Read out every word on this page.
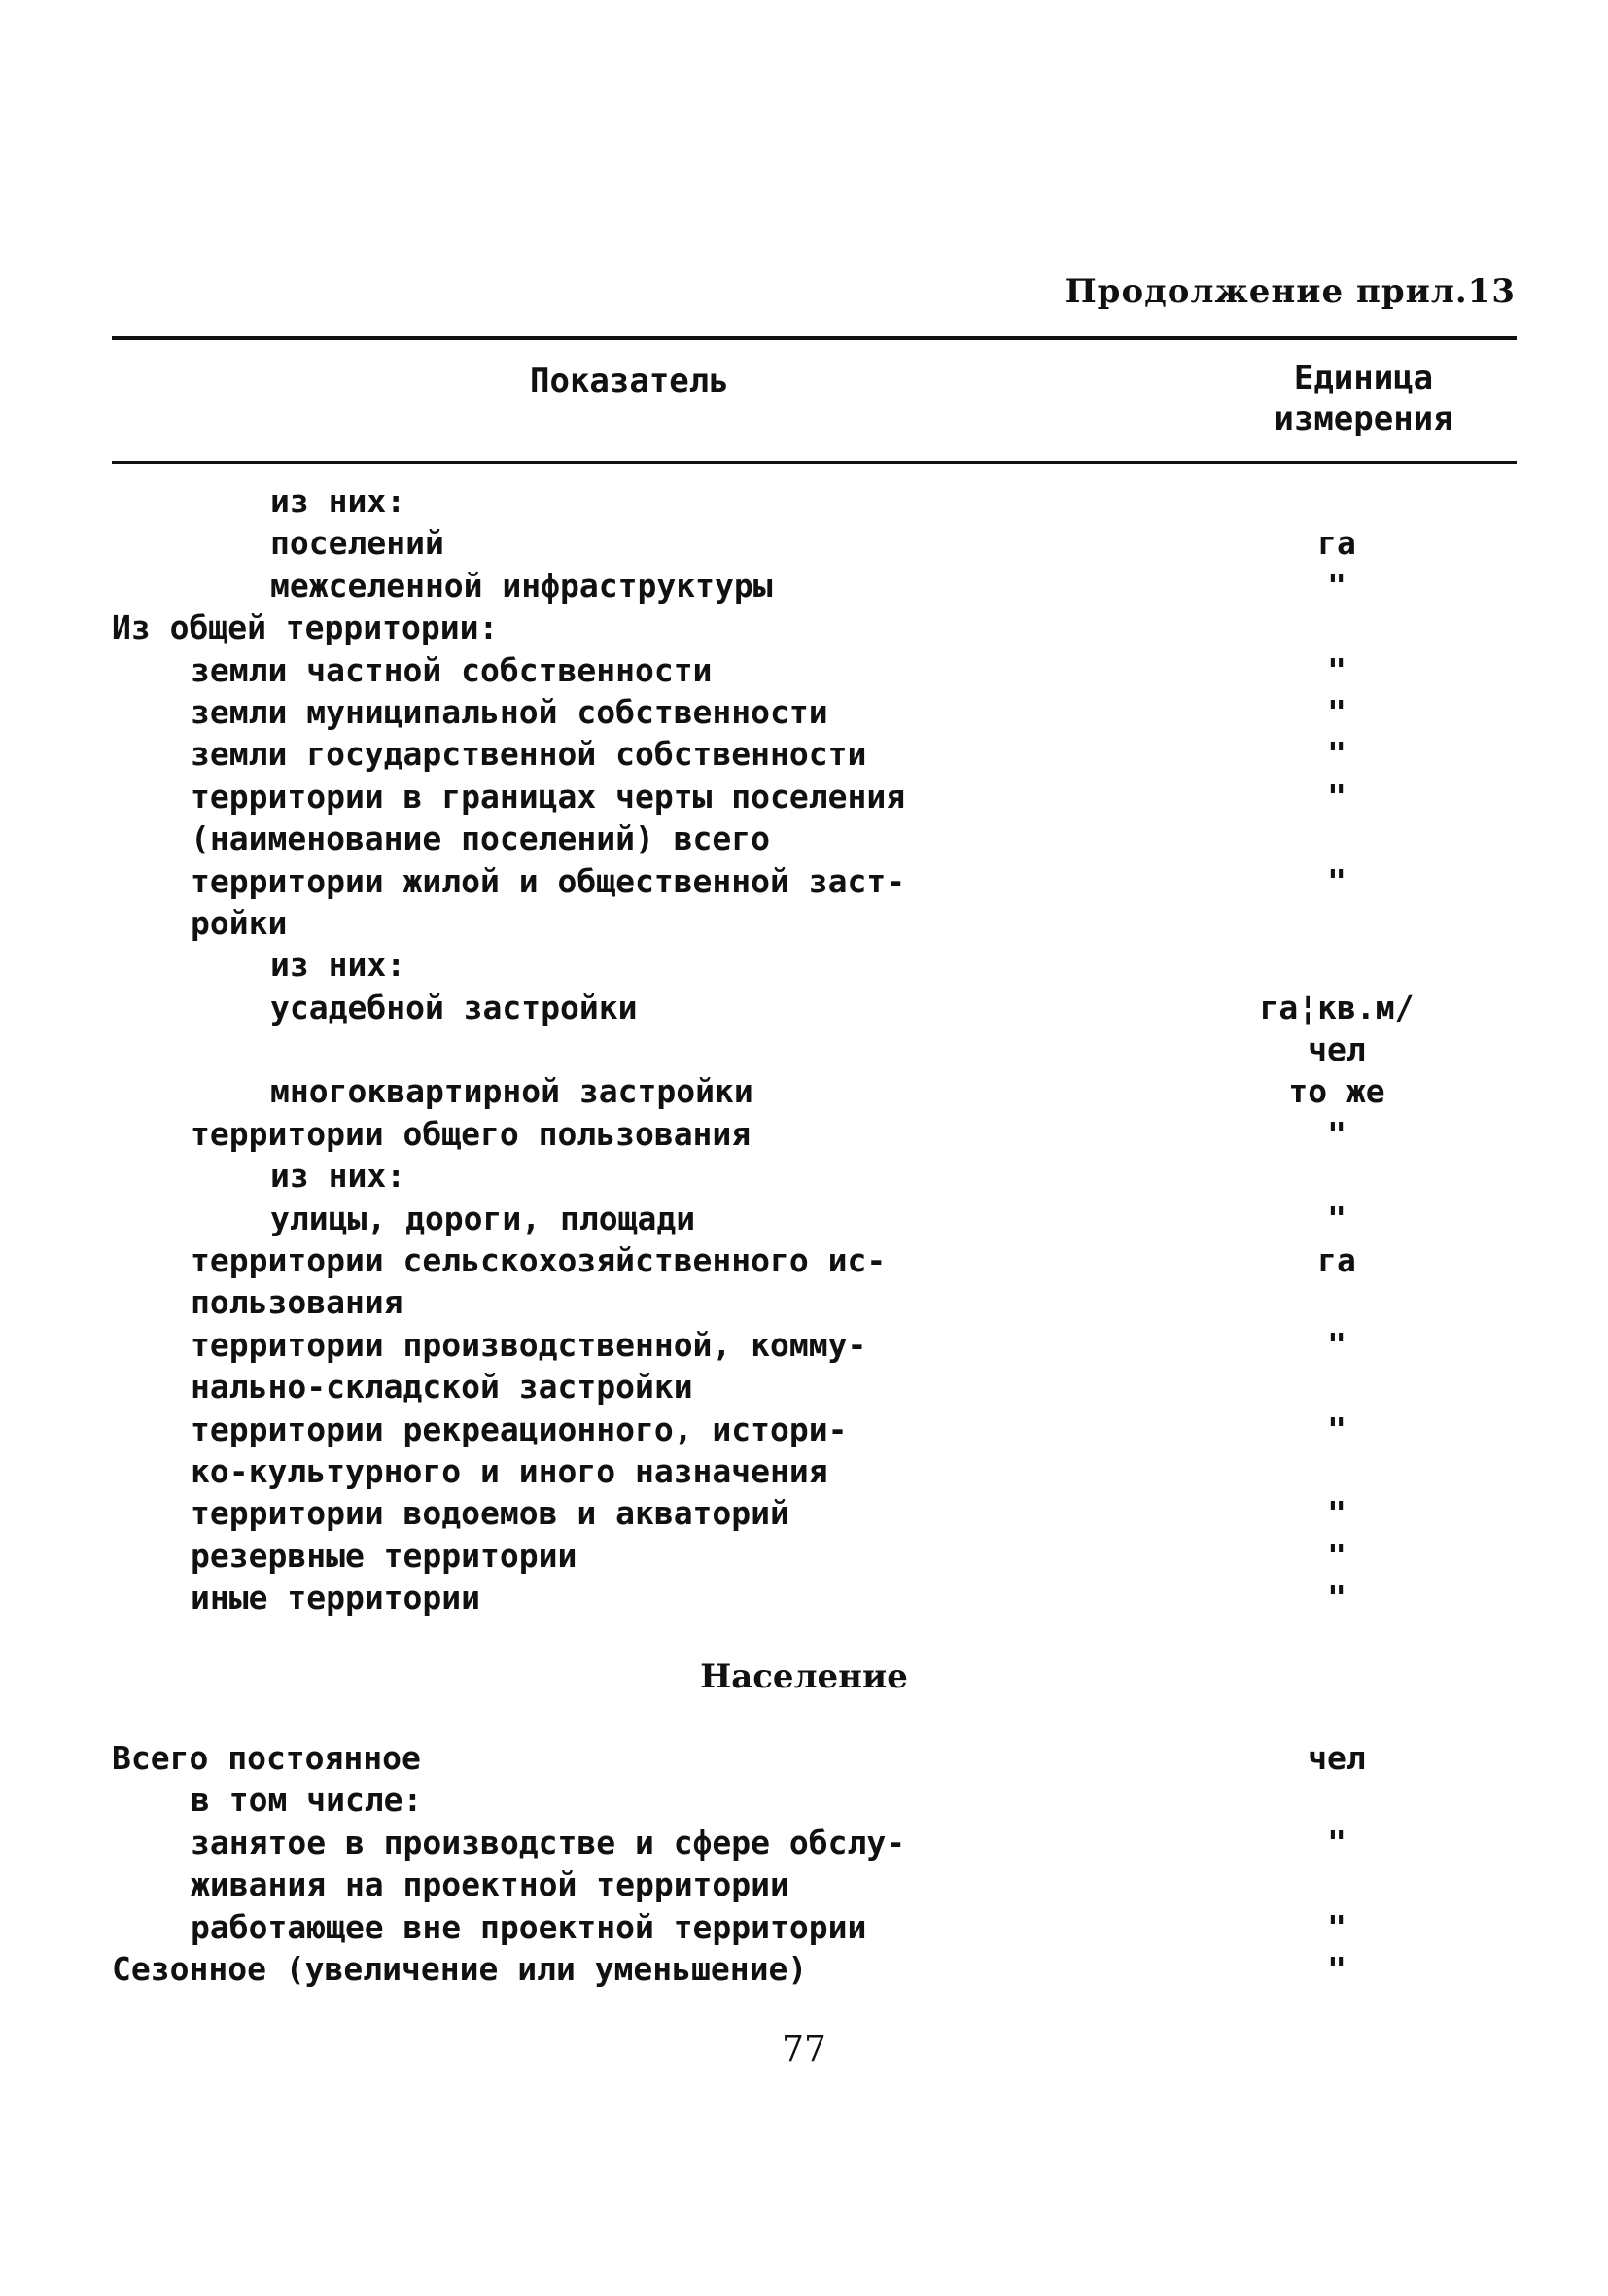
Продолжение прил.13
Показатель	Единица
измерения
из них:
поселений	га
межселенной инфраструктуры	"
Из общей территории:
земли частной собственности	"
земли муниципальной собственности	"
земли государственной собственности	"
территории в границах черты поселения	"
(наименование поселений) всего
территории жилой и общественной заст-	"
ройки
из них:
усадебной застройки	га¦кв.м/
чел
многоквартирной застройки	то же
территории общего пользования	"
из них:
улицы, дороги, площади	"
территории сельскохозяйственного ис-	га
пользования
территории производственной, комму-	"
нально-складской застройки
территории рекреационного, истори-	"
ко-культурного и иного назначения
территории водоемов и акваторий	"
резервные территории	"
иные территории	"
Население
Всего постоянное	чел
в том числе:
занятое в производстве и сфере обслу-	"
живания на проектной территории
работающее вне проектной территории	"
Сезонное (увеличение или уменьшение)	"
77
